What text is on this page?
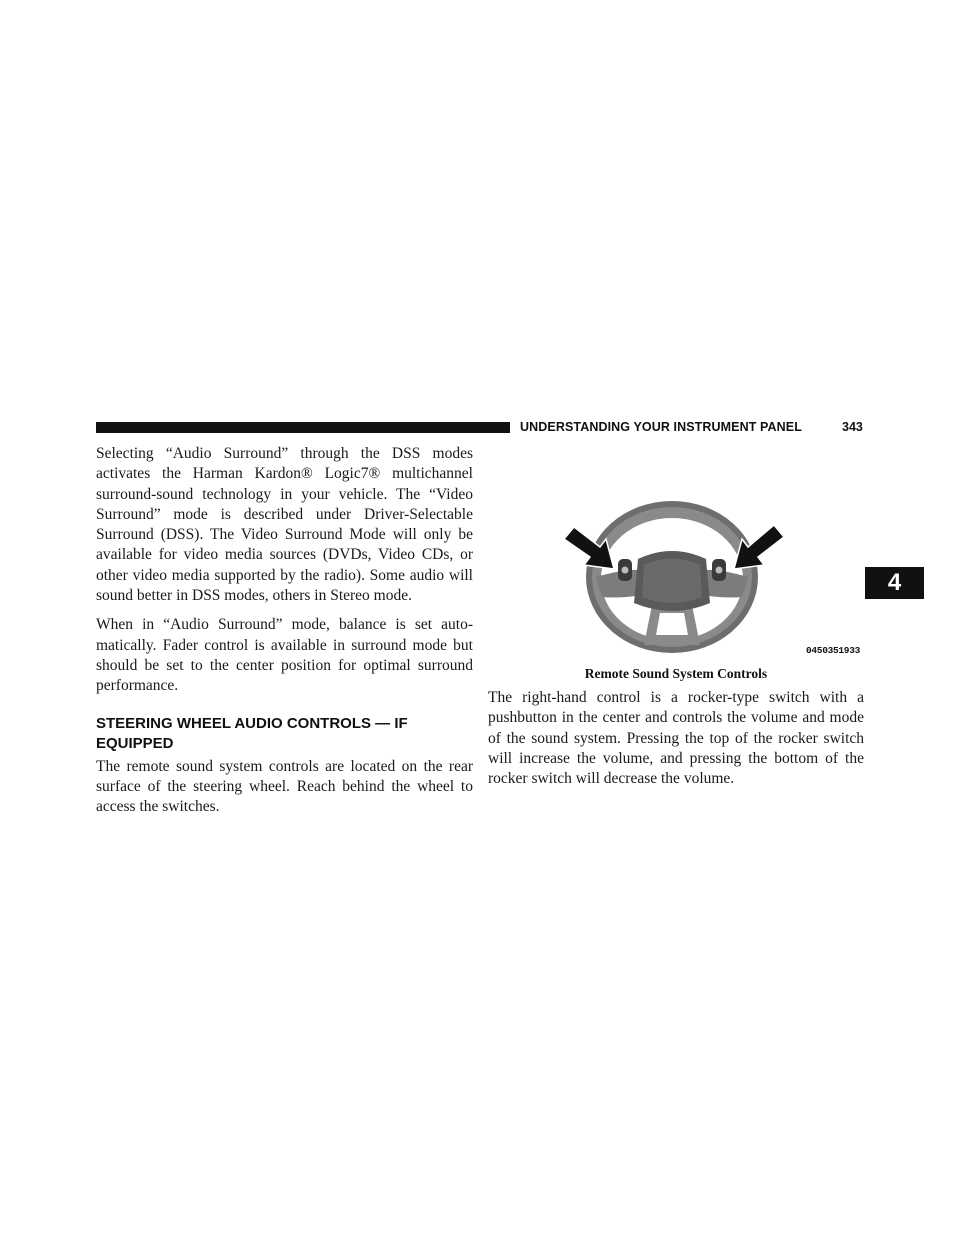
UNDERSTANDING YOUR INSTRUMENT PANEL	343
4

Selecting “Audio Surround” through the DSS modes activates the Harman Kardon® Logic7® multichannel surround-sound technology in your vehicle. The “Video Surround” mode is described under Driver-Selectable Surround (DSS). The Video Surround Mode will only be available for video media sources (DVDs, Video CDs, or other video media supported by the radio). Some audio will sound better in DSS modes, others in Stereo mode.

When in “Audio Surround” mode, balance is set auto-matically. Fader control is available in surround mode but should be set to the center position for optimal surround performance.

STEERING WHEEL AUDIO CONTROLS — IF EQUIPPED

The remote sound system controls are located on the rear surface of the steering wheel. Reach behind the wheel to access the switches.

0450351933
Remote Sound System Controls

The right-hand control is a rocker-type switch with a pushbutton in the center and controls the volume and mode of the sound system. Pressing the top of the rocker switch will increase the volume, and pressing the bottom of the rocker switch will decrease the volume.
